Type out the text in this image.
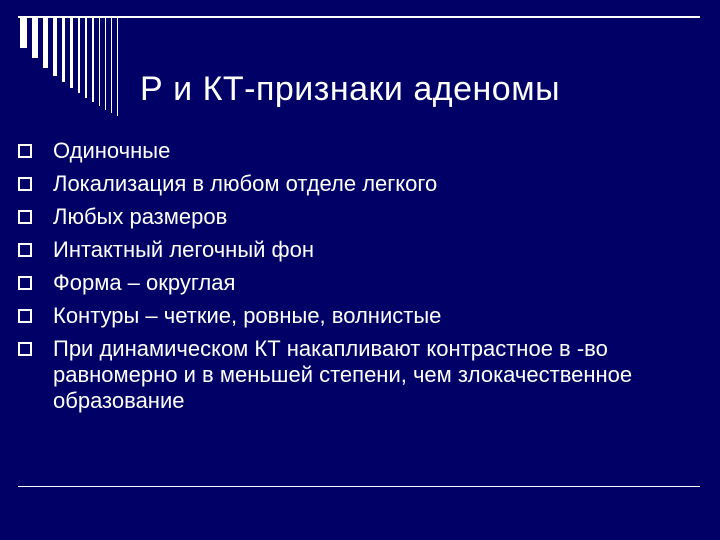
Р и КТ-признаки аденомы
Одиночные
Локализация в любом отделе легкого
Любых размеров
Интактный легочный фон
Форма – округлая
Контуры – четкие, ровные, волнистые
При динамическом КТ накапливают контрастное в -во равномерно и в меньшей степени, чем злокачественное образование
